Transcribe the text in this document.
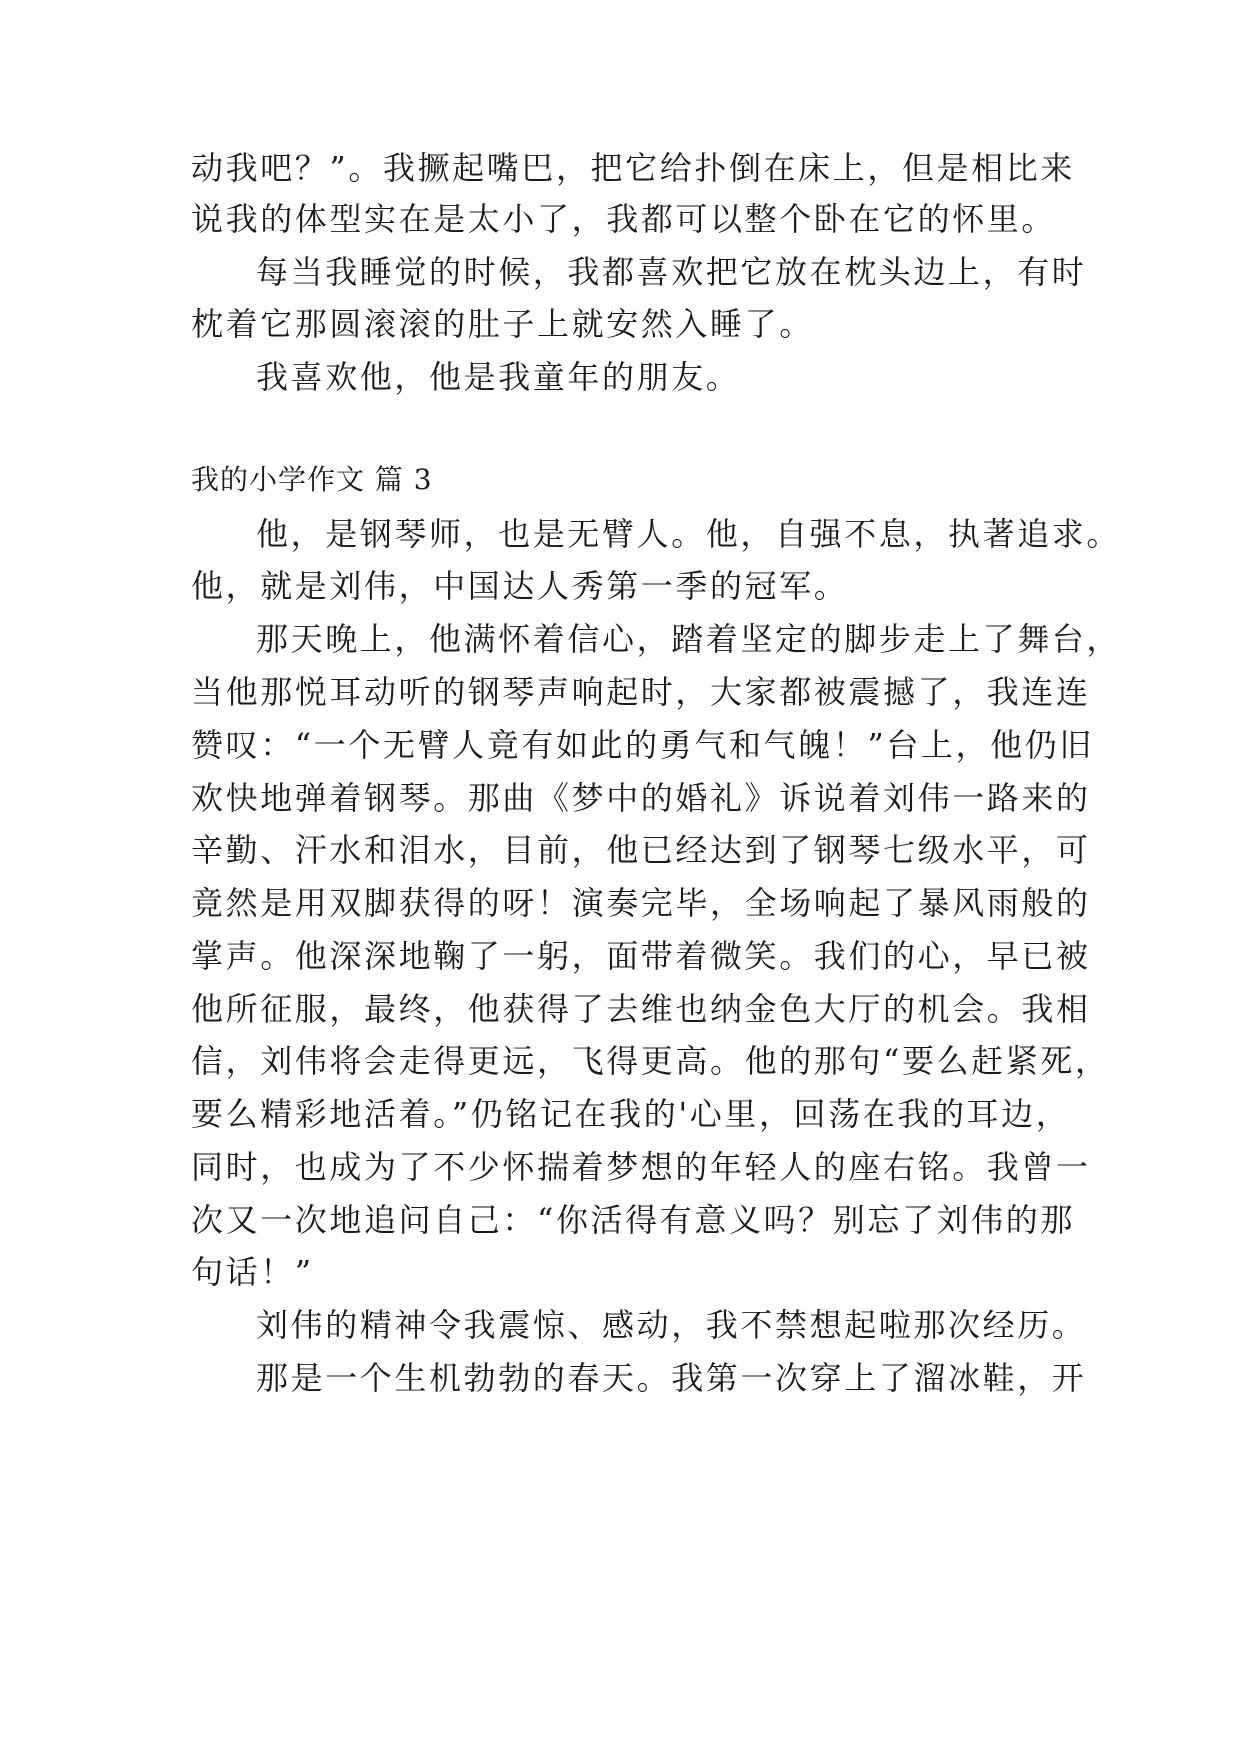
动我吧？”。我撅起嘴巴，把它给扑倒在床上，但是相比来
说我的体型实在是太小了，我都可以整个卧在它的怀里。
每当我睡觉的时候，我都喜欢把它放在枕头边上，有时
枕着它那圆滚滚的肚子上就安然入睡了。
我喜欢他，他是我童年的朋友。
我的小学作文 篇 3
他，是钢琴师，也是无臂人。他，自强不息，执著追求。
他，就是刘伟，中国达人秀第一季的冠军。
那天晚上，他满怀着信心，踏着坚定的脚步走上了舞台，
当他那悦耳动听的钢琴声响起时，大家都被震撼了，我连连
赞叹：“一个无臂人竟有如此的勇气和气魄！”台上，他仍旧
欢快地弹着钢琴。那曲《梦中的婚礼》诉说着刘伟一路来的
辛勤、汗水和泪水，目前，他已经达到了钢琴七级水平，可
竟然是用双脚获得的呀！演奏完毕，全场响起了暴风雨般的
掌声。他深深地鞠了一躬，面带着微笑。我们的心，早已被
他所征服，最终，他获得了去维也纳金色大厅的机会。我相
信，刘伟将会走得更远，飞得更高。他的那句“要么赶紧死，
要么精彩地活着。”仍铭记在我的'心里，回荡在我的耳边，
同时，也成为了不少怀揣着梦想的年轻人的座右铭。我曾一
次又一次地追问自己：“你活得有意义吗？别忘了刘伟的那
句话！”
刘伟的精神令我震惊、感动，我不禁想起啦那次经历。
那是一个生机勃勃的春天。我第一次穿上了溜冰鞋，开
